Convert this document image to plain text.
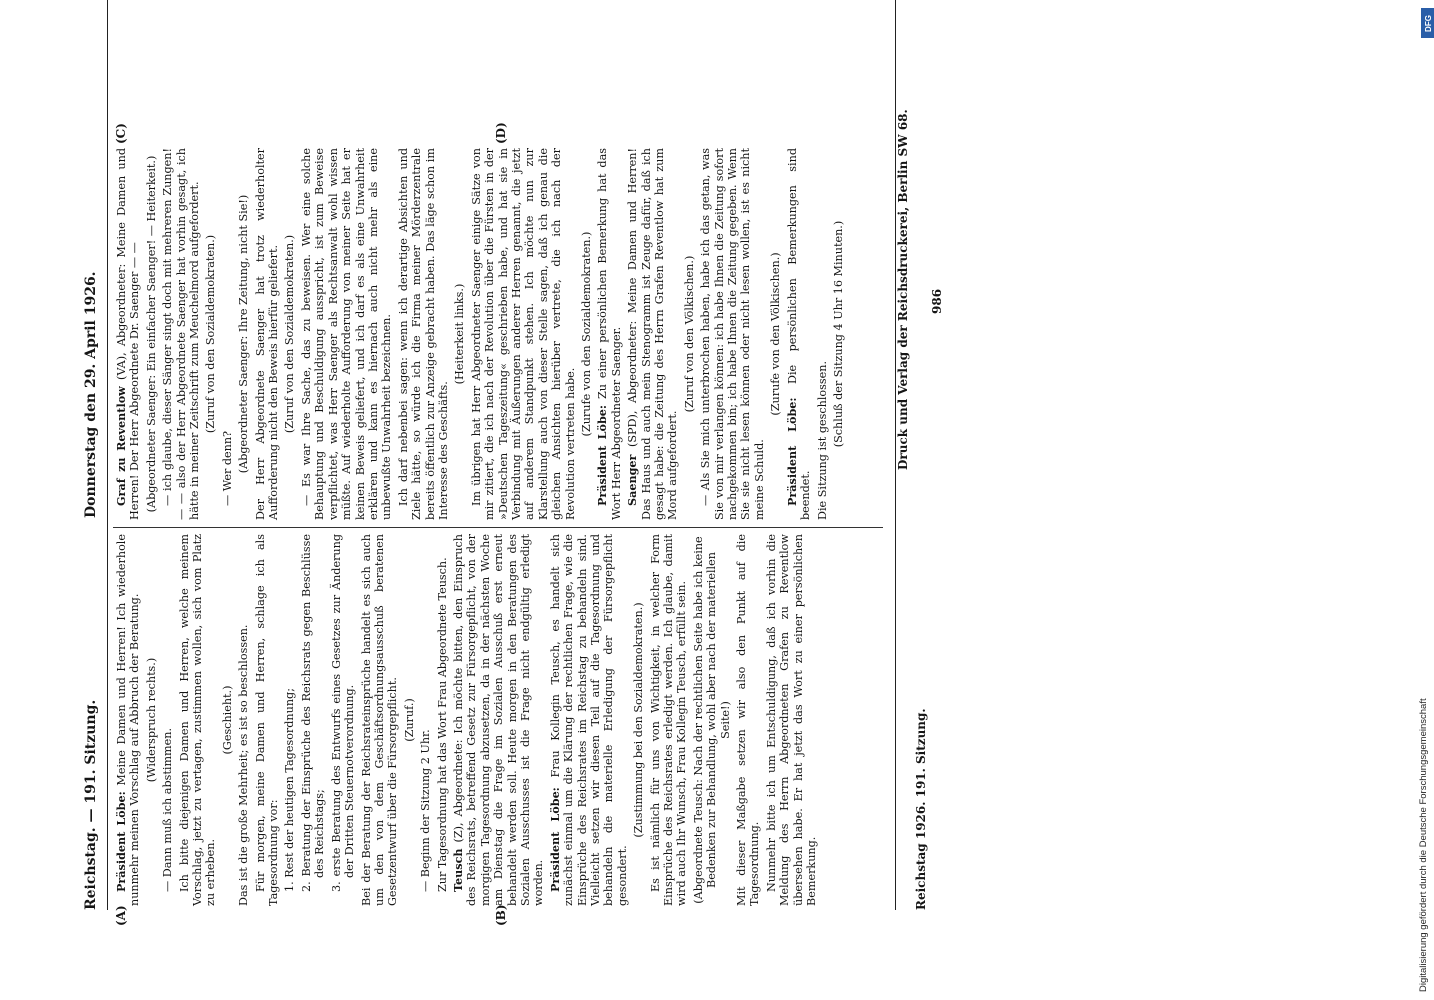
Reichstag. — 191. Sitzung.
Donnerstag den 29. April 1926.

Präsident Löbe: Meine Damen und Herren! Ich wiederhole nunmehr meinen Vorschlag auf Abbruch der Beratung. (Widerspruch rechts.)

— Dann muß ich abstimmen. Ich bitte diejenigen Damen und Herren, welche meinem Vorschlag, jetzt zu vertagen, zustimmen wollen, sich vom Platz zu erheben.

(Geschieht.) Das ist die große Mehrheit; es ist so beschlossen. Für morgen, meine Damen und Herren, schlage ich als Tagesordnung vor: 1. Rest der heutigen Tagesordnung; 2. Beratung der Einsprüche des Reichsrats gegen Beschlüsse des Reichstags; 3. erste Beratung des Entwurfs eines Gesetzes zur Änderung der Dritten Steuernotverordnung. Bei der Beratung der Reichsrateinsprüche handelt es sich auch um den von dem Geschäftsordnungsausschuß beratenen Gesetzentwurf über die Fürsorgepflicht. (Zuruf.)

— Beginn der Sitzung 2 Uhr. Zur Tagesordnung hat das Wort Frau Abgeordnete Teusch. Teusch (Z), Abgeordnete: Ich möchte bitten, den Einspruch des Reichsrats, betreffend Gesetz zur Fürsorgepflicht, von der morgigen Tagesordnung abzusetzen, da in der nächsten Woche am Dienstag die Frage im Sozialen Ausschuß erst erneut behandelt werden soll. Heute morgen in den Beratungen des Sozialen Ausschusses ist die Frage nicht endgültig erledigt worden. Präsident Löbe: Frau Kollegin Teusch, es handelt sich zunächst einmal um die Klärung der rechtlichen Frage, wie die Einsprüche des Reichsrates im Reichstag zu behandeln sind. Vielleicht setzen wir diesen Teil auf die Tagesordnung und behandeln die materielle Erledigung der Fürsorgepflicht gesondert.

(Zustimmung bei den Sozialdemokraten.) Es ist nämlich für uns von Wichtigkeit, in welcher Form Einsprüche des Reichsrates erledigt werden. Ich glaube, damit wird auch Ihr Wunsch, Frau Kollegin Teusch, erfüllt sein. (Abgeordnete Teusch: Nach der rechtlichen Seite habe ich keine Bedenken zur Behandlung, wohl aber nach der materiellen Seite!) Mit dieser Maßgabe setzen wir also den Punkt auf die Tagesordnung. Nunmehr bitte ich um Entschuldigung, daß ich vorhin die Meldung des Herrn Abgeordneten Grafen zu Reventlow übersehen habe. Er hat jetzt das Wort zu einer persönlichen Bemerkung.

Graf zu Reventlow (VA), Abgeordneter: Meine Damen und Herren! Der Herr Abgeordnete Dr. Saenger — — (Abgeordneter Saenger: Ein einfacher Saenger! — Heiterkeit.) — ich glaube, dieser Sänger singt doch mit mehreren Zungen! — — also der Herr Abgeordnete Saenger hat vorhin gesagt, ich hätte in meiner Zeitschrift zum Meuchelmord aufgefordert. (Zuruf von den Sozialdemokraten.)

— Wer denn? (Abgeordneter Saenger: Ihre Zeitung, nicht Sie!) Der Herr Abgeordnete Saenger hat trotz wiederholter Aufforderung nicht den Beweis hierfür geliefert. (Zuruf von den Sozialdemokraten.) — Es war Ihre Sache, das zu beweisen. Wer eine solche Behauptung und Beschuldigung ausspricht, ist zum Beweise verpflichtet, was Herr Saenger als Rechtsanwalt wohl wissen müßte. Auf wiederholte Aufforderung von meiner Seite hat er keinen Beweis geliefert, und ich darf es als eine Unwahrheit erklären und kann es hiernach auch nicht mehr als eine unbewußte Unwahrheit bezeichnen. Ich darf nebenbei sagen: wenn ich derartige Absichten und Ziele hätte, so würde ich die Firma meiner Mörderzentrale bereits öffentlich zur Anzeige gebracht haben. Das läge schon im Interesse des Geschäfts.

(Heiterkeit links.) Im übrigen hat Herr Abgeordneter Saenger einige Sätze von mir zitiert, die ich nach der Revolution über die Fürsten in der »Deutschen Tageszeitung« geschrieben habe, und hat sie in Verbindung mit Äußerungen anderer Herren genannt, die jetzt auf anderem Standpunkt stehen. Ich möchte nun zur Klarstellung auch von dieser Stelle sagen, daß ich genau die gleichen Ansichten hierüber vertrete, die ich nach der Revolution vertreten habe.

(Zurufe von den Sozialdemokraten.)

Präsident Löbe: Zu einer persönlichen Bemerkung hat das Wort Herr Abgeordneter Saenger. Saenger (SPD), Abgeordneter: Meine Damen und Herren! Das Haus und auch mein Stenogramm ist Zeuge dafür, daß ich gesagt habe: die Zeitung des Herrn Grafen Reventlow hat zum Mord aufgefordert.

(Zuruf von den Völkischen.) — Als Sie mich unterbrochen haben, habe ich das getan, was Sie von mir verlangen können: ich habe Ihnen die Zeitung sofort nachgekommen bin; ich habe Ihnen die Zeitung gegeben. Wenn Sie sie nicht lesen können oder nicht lesen wollen, ist es nicht meine Schuld.

(Zurufe von den Völkischen.)

Präsident Löbe: Die persönlichen Bemerkungen sind beendet. Die Sitzung ist geschlossen. (Schluß der Sitzung 4 Uhr 16 Minuten.)

(A)	(B)
(C)	(D)	Druck und Verlag der Reichsdruckerei, Berlin SW 68.
Reichstag 1926. 191. Sitzung.
986
DFG
Digitalisierung gefördert durch die Deutsche Forschungsgemeinschaft
